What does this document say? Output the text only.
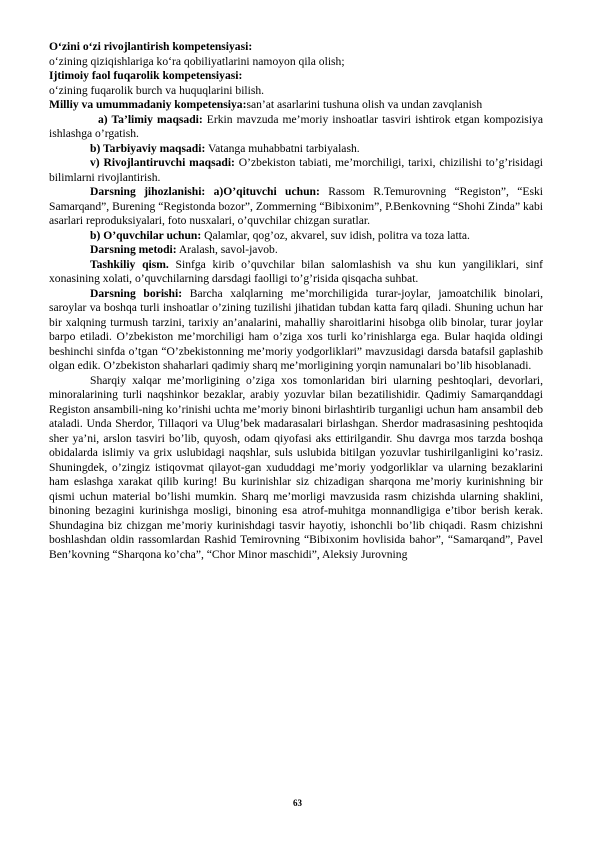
O‘zini o‘zi rivojlantirish kompetensiyasi:

o‘zining qiziqishlariga ko‘ra qobiliyatlarini namoyon qila olish;

Ijtimoiy faol fuqarolik kompetensiyasi:

o‘zining fuqarolik burch va huquqlarini bilish.

Milliy va umummadaniy kompetensiya:san’at asarlarini tushuna olish va undan zavqlanish

a) Ta’limiy maqsadi: Erkin mavzuda me’moriy inshoatlar tasviri ishtirok etgan kompozisiya ishlashga o’rgatish.

b) Tarbiyaviy maqsadi: Vatanga muhabbatni tarbiyalash.

v) Rivojlantiruvchi maqsadi: O’zbekiston tabiati, me’morchiligi, tarixi, chizilishi to’g’risidagi bilimlarni rivojlantirish.

Darsning jihozlanishi: a)O’qituvchi uchun: Rassom R.Temurovning “Registon”, “Eski Samarqand”, Burening “Registonda bozor”, Zommerning “Bibixonim”, P.Benkovning “Shohi Zinda” kabi asarlari reproduksiyalari, foto nusxalari, o’quvchilar chizgan suratlar.

b) O’quvchilar uchun: Qalamlar, qog’oz, akvarel, suv idish, politra va toza latta.

Darsning metodi: Aralash, savol-javob.

Tashkiliy qism. Sinfga kirib o’quvchilar bilan salomlashish va shu kun yangiliklari, sinf xonasining xolati, o’quvchilarning darsdagi faolligi to’g’risida qisqacha suhbat.

Darsning borishi: Barcha xalqlarning me’morchiligida turar-joylar, jamoatchilik binolari, saroylar va boshqa turli inshoatlar o’zining tuzilishi jihatidan tubdan katta farq qiladi. Shuning uchun har bir xalqning turmush tarzini, tarixiy an’analarini, mahalliy sharoitlarini hisobga olib binolar, turar joylar barpo etiladi. O’zbekiston me’morchiligi ham o’ziga xos turli ko’rinishlarga ega. Bular haqida oldingi beshinchi sinfda o’tgan “O’zbekistonning me’moriy yodgorliklari” mavzusidagi darsda batafsil gaplashib olgan edik. O’zbekiston shaharlari qadimiy sharq me’morligining yorqin namunalari bo’lib hisoblanadi.

Sharqiy xalqar me’morligining o’ziga xos tomonlaridan biri ularning peshtoqlari, devorlari, minoralarining turli naqshinkor bezaklar, arabiy yozuvlar bilan bezatilishidir. Qadimiy Samarqanddagi Registon ansambili-ning ko’rinishi uchta me’moriy binoni birlashtirib turganligi uchun ham ansambil deb ataladi. Unda Sherdor, Tillaqori va Ulug’bek madarasalari birlashgan. Sherdor madrasasining peshtoqida sher ya’ni, arslon tasviri bo’lib, quyosh, odam qiyofasi aks ettirilgandir. Shu davrga mos tarzda boshqa obidalarda islimiy va grix uslubidagi naqshlar, suls uslubida bitilgan yozuvlar tushirilganligini ko’rasiz. Shuningdek, o’zingiz istiqovmat qilayot-gan xududdagi me’moriy yodgorliklar va ularning bezaklarini ham eslashga xarakat qilib kuring! Bu kurinishlar siz chizadigan sharqona me’moriy kurinishning bir qismi uchun material bo’lishi mumkin. Sharq me’morligi mavzusida rasm chizishda ularning shaklini, binoning bezagini kurinishga mosligi, binoning esa atrof-muhitga monnandligiga e’tibor berish kerak. Shundagina biz chizgan me’moriy kurinishdagi tasvir hayotiy, ishonchli bo’lib chiqadi. Rasm chizishni boshlashdan oldin rassomlardan Rashid Temirovning “Bibixonim hovlisida bahor”, “Samarqand”, Pavel Ben’kovning “Sharqona ko’cha”, “Chor Minor maschidi”, Aleksiy Jurovning

63
